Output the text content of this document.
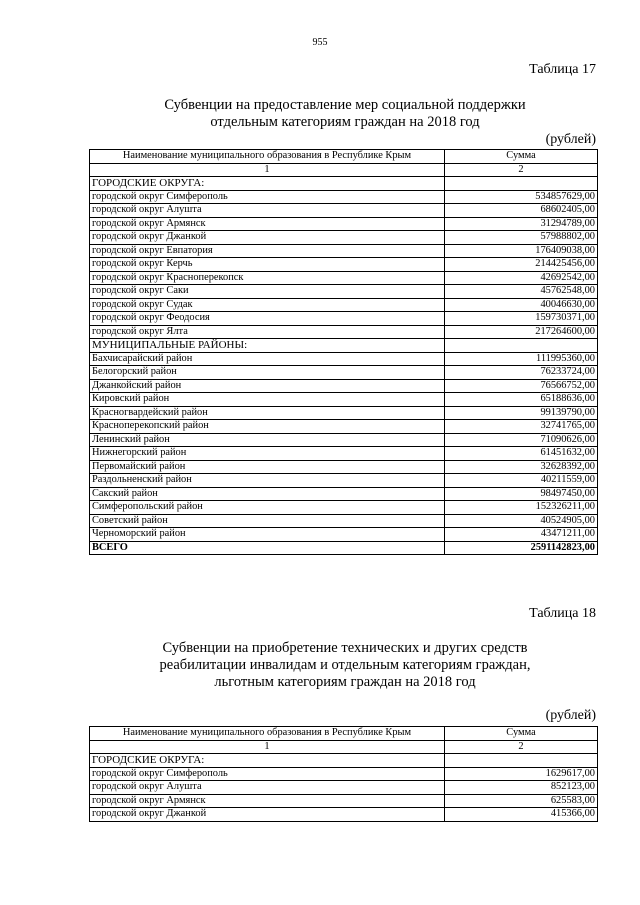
955
Таблица 17
Субвенции на предоставление мер социальной поддержки
отдельным категориям граждан на 2018 год
(рублей)
Наименование муниципального образования в Республике Крым	Сумма
1	2
ГОРОДСКИЕ ОКРУГА:	
городской округ Симферополь	534857629,00
городской округ Алушта	68602405,00
городской округ Армянск	31294789,00
городской округ Джанкой	57988802,00
городской округ Евпатория	176409038,00
городской округ Керчь	214425456,00
городской округ Красноперекопск	42692542,00
городской округ Саки	45762548,00
городской округ Судак	40046630,00
городской округ Феодосия	159730371,00
городской округ Ялта	217264600,00
МУНИЦИПАЛЬНЫЕ РАЙОНЫ:	
Бахчисарайский район	111995360,00
Белогорский район	76233724,00
Джанкойский район	76566752,00
Кировский район	65188636,00
Красногвардейский район	99139790,00
Красноперекопский район	32741765,00
Ленинский район	71090626,00
Нижнегорский район	61451632,00
Первомайский район	32628392,00
Раздольненский район	40211559,00
Сакский район	98497450,00
Симферопольский район	152326211,00
Советский район	40524905,00
Черноморский район	43471211,00
ВСЕГО	2591142823,00
Таблица 18
Субвенции на приобретение технических и других средств
реабилитации инвалидам и отдельным категориям граждан,
льготным категориям граждан на 2018 год
(рублей)
Наименование муниципального образования в Республике Крым	Сумма
1	2
ГОРОДСКИЕ ОКРУГА:	
городской округ Симферополь	1629617,00
городской округ Алушта	852123,00
городской округ Армянск	625583,00
городской округ Джанкой	415366,00
